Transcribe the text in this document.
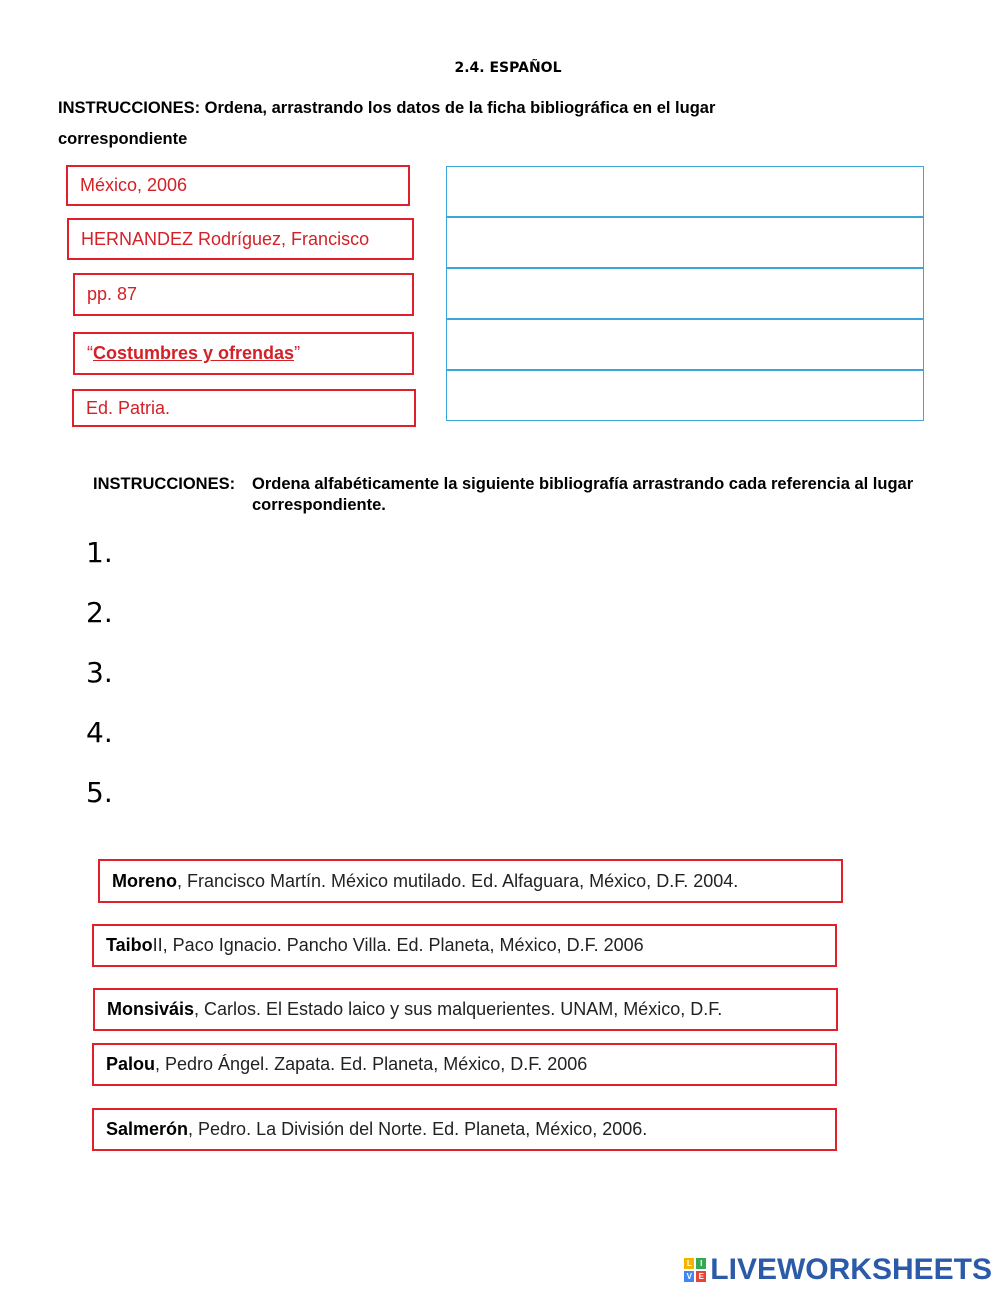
2.4. ESPAÑOL
INSTRUCCIONES: Ordena, arrastrando los datos de la ficha bibliográfica en el lugar correspondiente
México, 2006
HERNANDEZ Rodríguez, Francisco
pp. 87
“ Costumbres y ofrendas ”
Ed. Patria.
INSTRUCCIONES: Ordena alfabéticamente la siguiente bibliografía arrastrando cada referencia al lugar correspondiente.
1.
2.
3.
4.
5.
Moreno , Francisco Martín. México mutilado. Ed. Alfaguara, México, D.F. 2004.
Taibo II, Paco Ignacio. Pancho Villa. Ed. Planeta, México, D.F. 2006
Monsiváis , Carlos. El Estado laico y sus malquerientes. UNAM, México, D.F.
Palou , Pedro Ángel. Zapata. Ed. Planeta, México, D.F. 2006
Salmerón , Pedro. La División del Norte. Ed. Planeta, México, 2006.
L	I
V E LIVEWORKSHEETS
